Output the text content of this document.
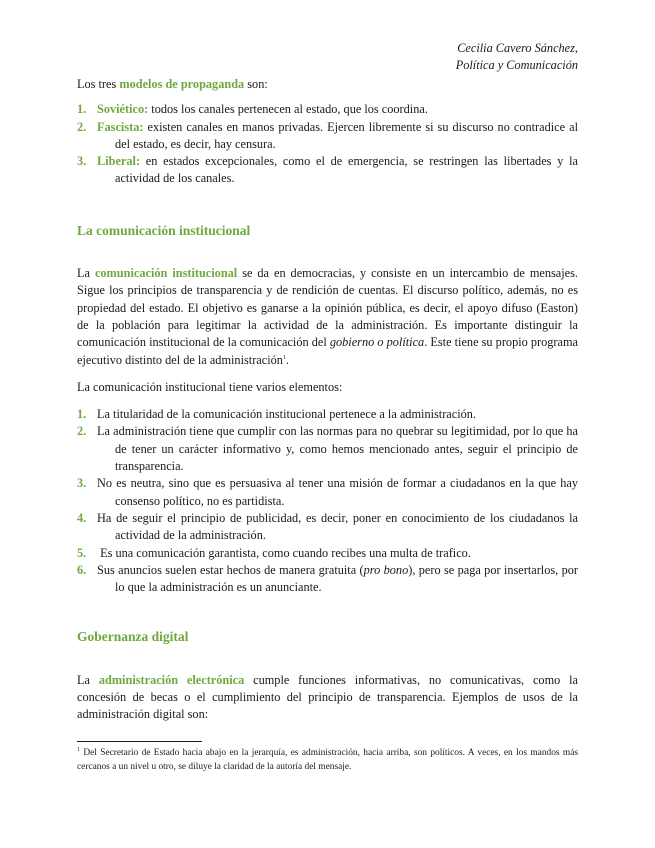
Cecilia Cavero Sánchez,
Política y Comunicación

Los tres modelos de propaganda son:

1. Soviético: todos los canales pertenecen al estado, que los coordina.
2. Fascista: existen canales en manos privadas. Ejercen libremente si su discurso no contradice al del estado, es decir, hay censura.
3. Liberal: en estados excepcionales, como el de emergencia, se restringen las libertades y la actividad de los canales.
La comunicación institucional

La comunicación institucional se da en democracias, y consiste en un intercambio de mensajes. Sigue los principios de transparencia y de rendición de cuentas. El discurso político, además, no es propiedad del estado. El objetivo es ganarse a la opinión pública, es decir, el apoyo difuso (Easton) de la población para legitimar la actividad de la administración. Es importante distinguir la comunicación institucional de la comunicación del gobierno o política. Este tiene su propio programa ejecutivo distinto del de la administración$^1$.

La comunicación institucional tiene varios elementos:

1. La titularidad de la comunicación institucional pertenece a la administración.
2. La administración tiene que cumplir con las normas para no quebrar su legitimidad, por lo que ha de tener un carácter informativo y, como hemos mencionado antes, seguir el principio de transparencia.
3. No es neutra, sino que es persuasiva al tener una misión de formar a ciudadanos en la que hay consenso político, no es partidista.
4. Ha de seguir el principio de publicidad, es decir, poner en conocimiento de los ciudadanos la actividad de la administración.
5. Es una comunicación garantista, como cuando recibes una multa de trafico.
6. Sus anuncios suelen estar hechos de manera gratuita (pro bono), pero se paga por insertarlos, por lo que la administración es un anunciante.
Gobernanza digital

La administración electrónica cumple funciones informativas, no comunicativas, como la concesión de becas o el cumplimiento del principio de transparencia. Ejemplos de usos de la administración digital son:

$^1$ Del Secretario de Estado hacia abajo en la jerarquía, es administración, hacia arriba, son políticos. A veces, en los mandos más cercanos a un nivel u otro, se diluye la claridad de la autoría del mensaje.
